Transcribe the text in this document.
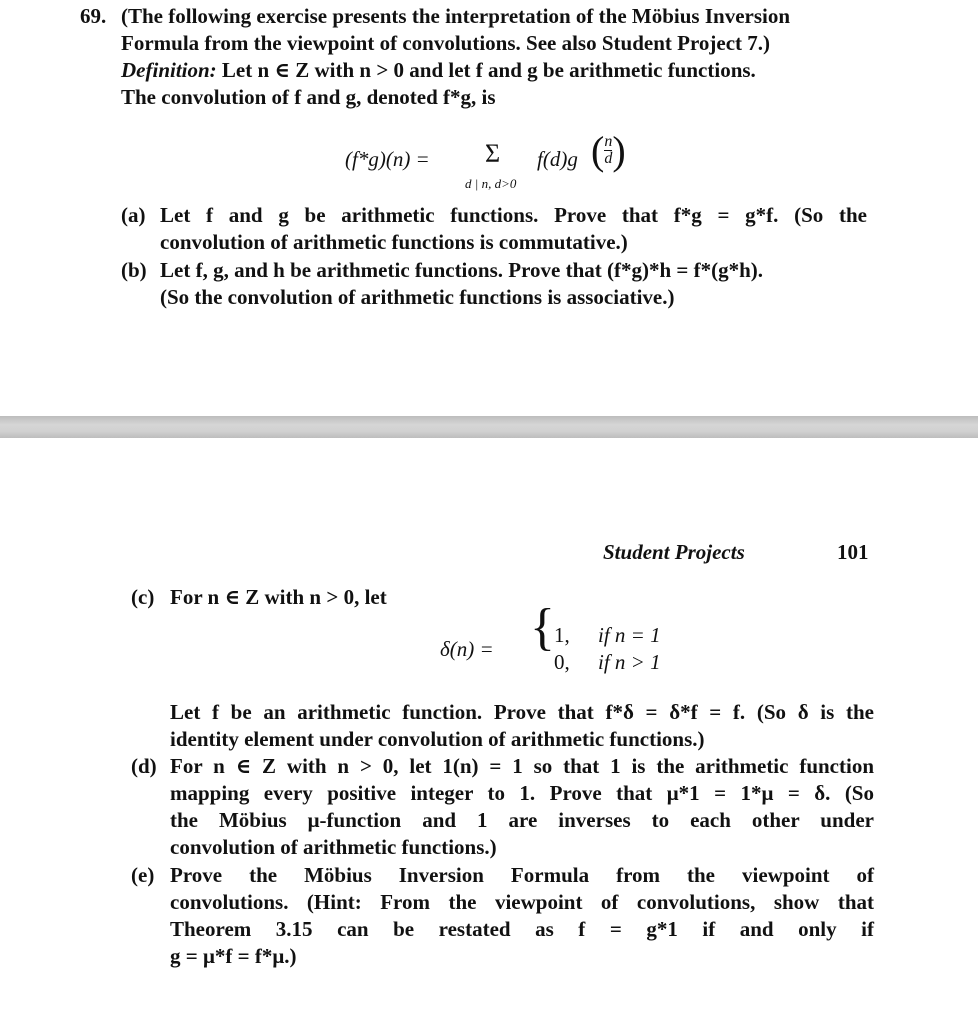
69. (The following exercise presents the interpretation of the Möbius Inversion
Formula from the viewpoint of convolutions. See also Student Project 7.)
Definition: Let n ∈ Z with n > 0 and let f and g be arithmetic functions.
The convolution of f and g, denoted f*g, is
(f*g)(n) = Σ
d | n, d>0
f(d)g ( $\frac{n}{d}$ )
(a) Let f and g be arithmetic functions. Prove that f*g = g*f. (So the
convolution of arithmetic functions is commutative.)
(b) Let f, g, and h be arithmetic functions. Prove that (f*g)*h = f*(g*h).
(So the convolution of arithmetic functions is associative.)
Student Projects	101
(c) For n ∈ Z with n > 0, let
δ(n) = { 1, if n = 1
0, if n > 1
Let f be an arithmetic function. Prove that f*δ = δ*f = f. (So δ is the
identity element under convolution of arithmetic functions.)
(d) For n ∈ Z with n > 0, let 1(n) = 1 so that 1 is the arithmetic function
mapping every positive integer to 1. Prove that μ*1 = 1*μ = δ. (So
the Möbius μ-function and 1 are inverses to each other under
convolution of arithmetic functions.)
(e) Prove the Möbius Inversion Formula from the viewpoint of
convolutions. (Hint: From the viewpoint of convolutions, show that
Theorem 3.15 can be restated as f = g*1 if and only if
g = μ*f = f*μ.)
